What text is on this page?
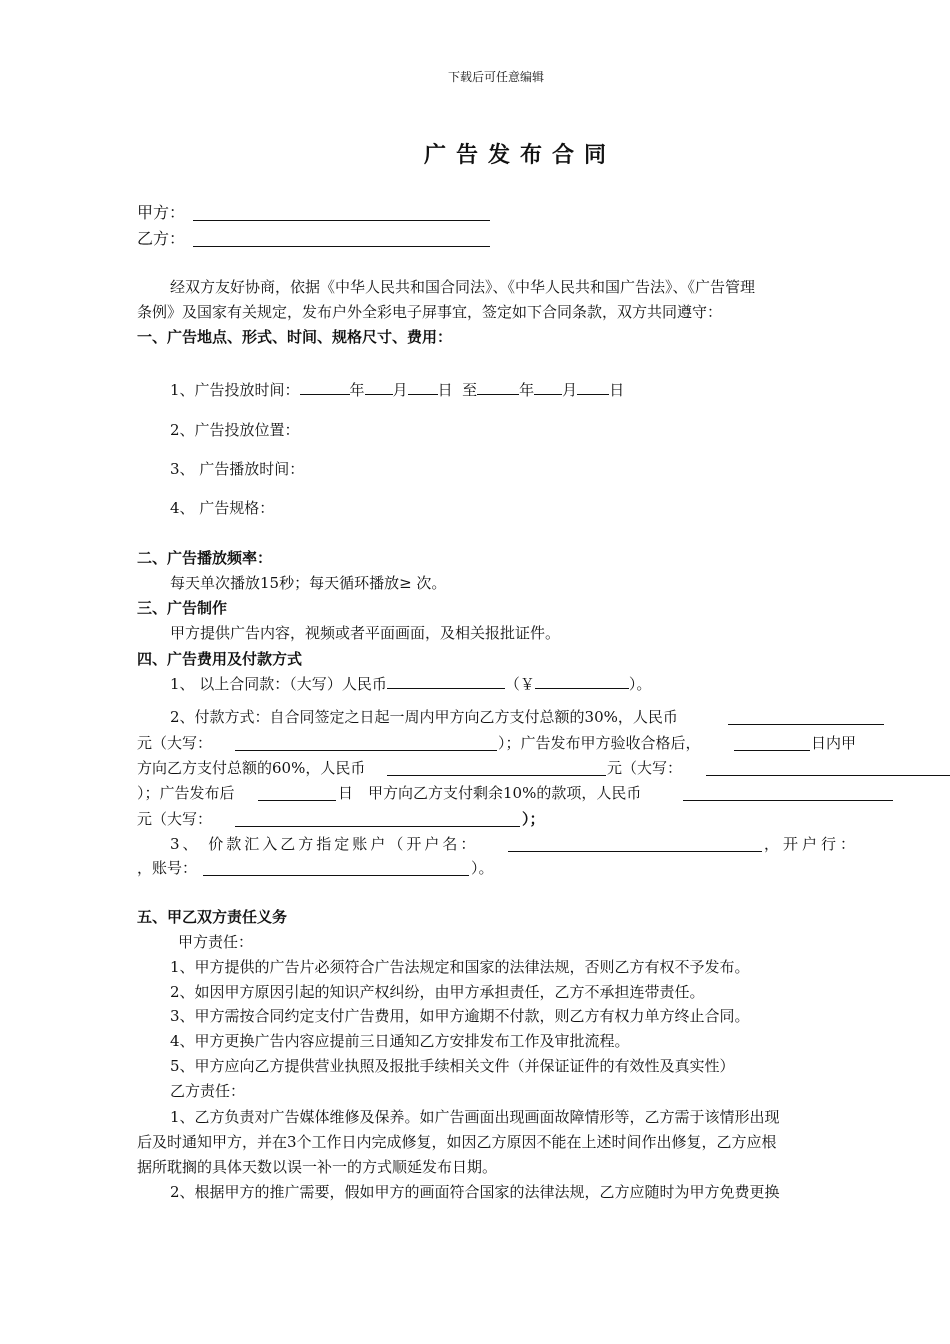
下载后可任意编辑
广告发布合同
甲方：
乙方：
经双方友好协商，依据《中华人民共和国合同法》、《中华人民共和国广告法》、《广告管理
条例》及国家有关规定，发布户外全彩电子屏事宜，签定如下合同条款，双方共同遵守：
一、广告地点、形式、时间、规格尺寸、费用：
1、广告投放时间：	年 月 日 至	年 月 日
2、广告投放位置：
3、 广告播放时间：
4、 广告规格：
二、广告播放频率：
每天单次播放15秒；每天循环播放≥ 次。
三、广告制作
甲方提供广告内容，视频或者平面画面，及相关报批证件。
四、广告费用及付款方式
1、 以上合同款：（大写）人民币	（￥	）。
2、付款方式：自合同签定之日起一周内甲方向乙方支付总额的30%，人民币
元（大写：	）；广告发布甲方验收合格后，	日内甲
方向乙方支付总额的60%，人民币	元（大写：
）；广告发布后	日　甲方向乙方支付剩余10%的款项，人民币
元（大写：	）；
3、 价款汇入乙方指定账户（开户名：	，开户行：
，账号：	）。
五、甲乙双方责任义务
甲方责任：
1、甲方提供的广告片必须符合广告法规定和国家的法律法规，否则乙方有权不予发布。
2、如因甲方原因引起的知识产权纠纷，由甲方承担责任，乙方不承担连带责任。
3、甲方需按合同约定支付广告费用，如甲方逾期不付款，则乙方有权力单方终止合同。
4、甲方更换广告内容应提前三日通知乙方安排发布工作及审批流程。
5、甲方应向乙方提供营业执照及报批手续相关文件（并保证证件的有效性及真实性）
乙方责任：
1、乙方负责对广告媒体维修及保养。如广告画面出现画面故障情形等，乙方需于该情形出现
后及时通知甲方，并在3个工作日内完成修复，如因乙方原因不能在上述时间作出修复，乙方应根
据所耽搁的具体天数以误一补一的方式顺延发布日期。
2、根据甲方的推广需要，假如甲方的画面符合国家的法律法规，乙方应随时为甲方免费更换
